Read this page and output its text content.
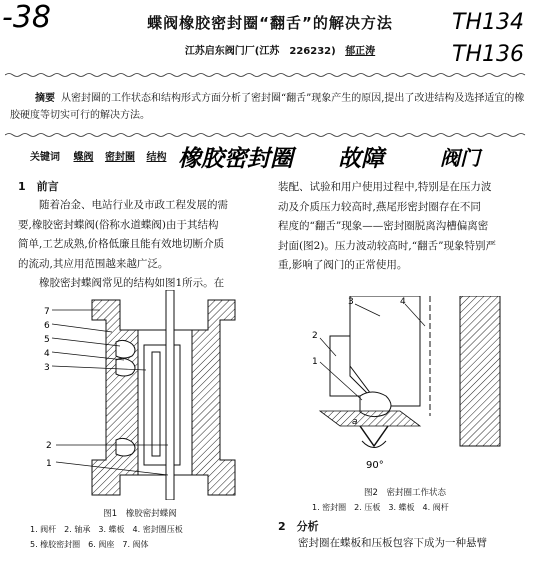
-38	TH134
TH136
蝶阀橡胶密封圈“翻舌”的解决方法
江苏启东阀门厂(江苏　226232) 郁正涛
摘要 从密封圈的工作状态和结构形式方面分析了密封圈“翻舌”现象产生的原因,提出了改进结构及选择适宜的橡胶硬度等切实可行的解决方法。
关键词 蝶阀 密封圈 结构 橡胶密封圈 故障	阀门
1　前言
随着冶金、电站行业及市政工程发展的需
要,橡胶密封蝶阀(俗称水道蝶阀)由于其结构
简单,工艺成熟,价格低廉且能有效地切断介质
的流动,其应用范围越来越广泛。
橡胶密封蝶阀常见的结构如图1所示。在
装配、试验和用户使用过程中,特别是在压力波
动及介质压力较高时,燕尾形密封圈存在不同
程度的“翻舌”现象——密封圈脱离沟槽偏离密
封面(图2)。压力波动较高时,“翻舌”现象特别严
重,影响了阀门的正常使用。
7
6
5
4
3
2
1
图1　橡胶密封蝶阀
1. 阀杆　2. 轴承　3. 蝶板　4. 密封圈压板
5. 橡胶密封圈　6. 阀座　7. 阀体
3	4
2
1
a
90°
图2　密封圈工作状态
1. 密封圈　2. 压板　3. 蝶板　4. 阀杆
2　分析
密封圈在蝶板和压板包容下成为一种悬臂
